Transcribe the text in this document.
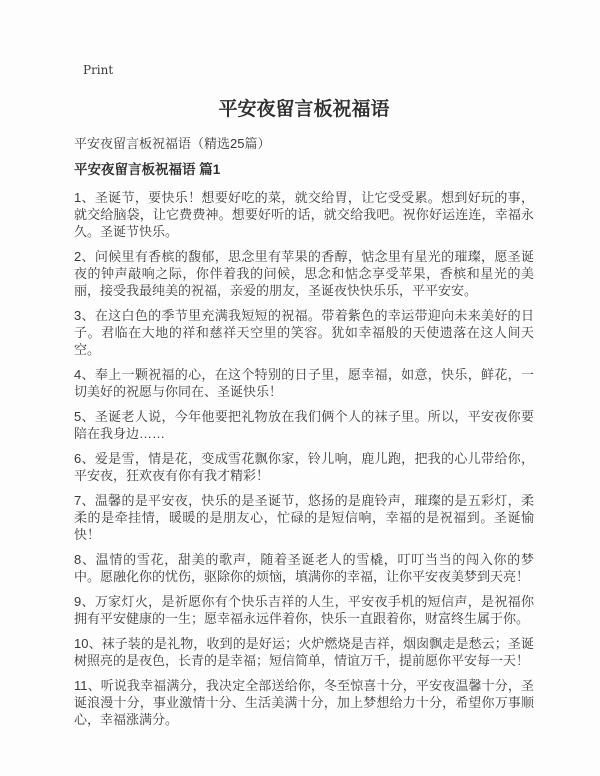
Print
平安夜留言板祝福语

平安夜留言板祝福语（精选25篇）

平安夜留言板祝福语 篇1

1、圣诞节，要快乐！想要好吃的菜，就交给胃，让它受受累。想到好玩的事，就交给脑袋，让它费费神。想要好听的话，就交给我吧。祝你好运连连，幸福永久。圣诞节快乐。

2、问候里有香槟的馥郁，思念里有苹果的香醇，惦念里有星光的璀璨，愿圣诞夜的钟声敲响之际，你伴着我的问候，思念和惦念享受苹果，香槟和星光的美丽，接受我最纯美的祝福，亲爱的朋友，圣诞夜快快乐乐，平平安安。

3、在这白色的季节里充满我短短的祝福。带着紫色的幸运带迎向未来美好的日子。君临在大地的祥和慈祥天空里的笑容。犹如幸福般的天使遗落在这人间天空。

4、奉上一颗祝福的心，在这个特别的日子里，愿幸福，如意，快乐，鲜花，一切美好的祝愿与你同在、圣诞快乐！

5、圣诞老人说，今年他要把礼物放在我们俩个人的袜子里。所以，平安夜你要陪在我身边……

6、爱是雪，情是花，变成雪花飘你家，铃儿响，鹿儿跑，把我的心儿带给你，平安夜，狂欢夜有你有我才精彩！

7、温馨的是平安夜，快乐的是圣诞节，悠扬的是鹿铃声，璀璨的是五彩灯，柔柔的是牵挂情，暖暖的是朋友心，忙碌的是短信响，幸福的是祝福到。圣诞愉快！

8、温情的雪花，甜美的歌声，随着圣诞老人的雪橇，叮叮当当的闯入你的梦中。愿融化你的忧伤，驱除你的烦恼，填满你的幸福，让你平安夜美梦到天亮！

9、万家灯火，是祈愿你有个快乐吉祥的人生，平安夜手机的短信声，是祝福你拥有平安健康的一生；愿幸福永远伴着你，快乐一直跟着你，财富终生属于你。

10、袜子装的是礼物，收到的是好运；火炉燃烧是吉祥，烟囱飘走是愁云；圣诞树照亮的是夜色，长青的是幸福；短信简单，情谊万千，提前愿你平安每一天！

11、听说我幸福满分，我决定全部送给你，冬至惊喜十分，平安夜温馨十分，圣诞浪漫十分，事业激情十分、生活美满十分，加上梦想给力十分，希望你万事顺心，幸福涨满分。
